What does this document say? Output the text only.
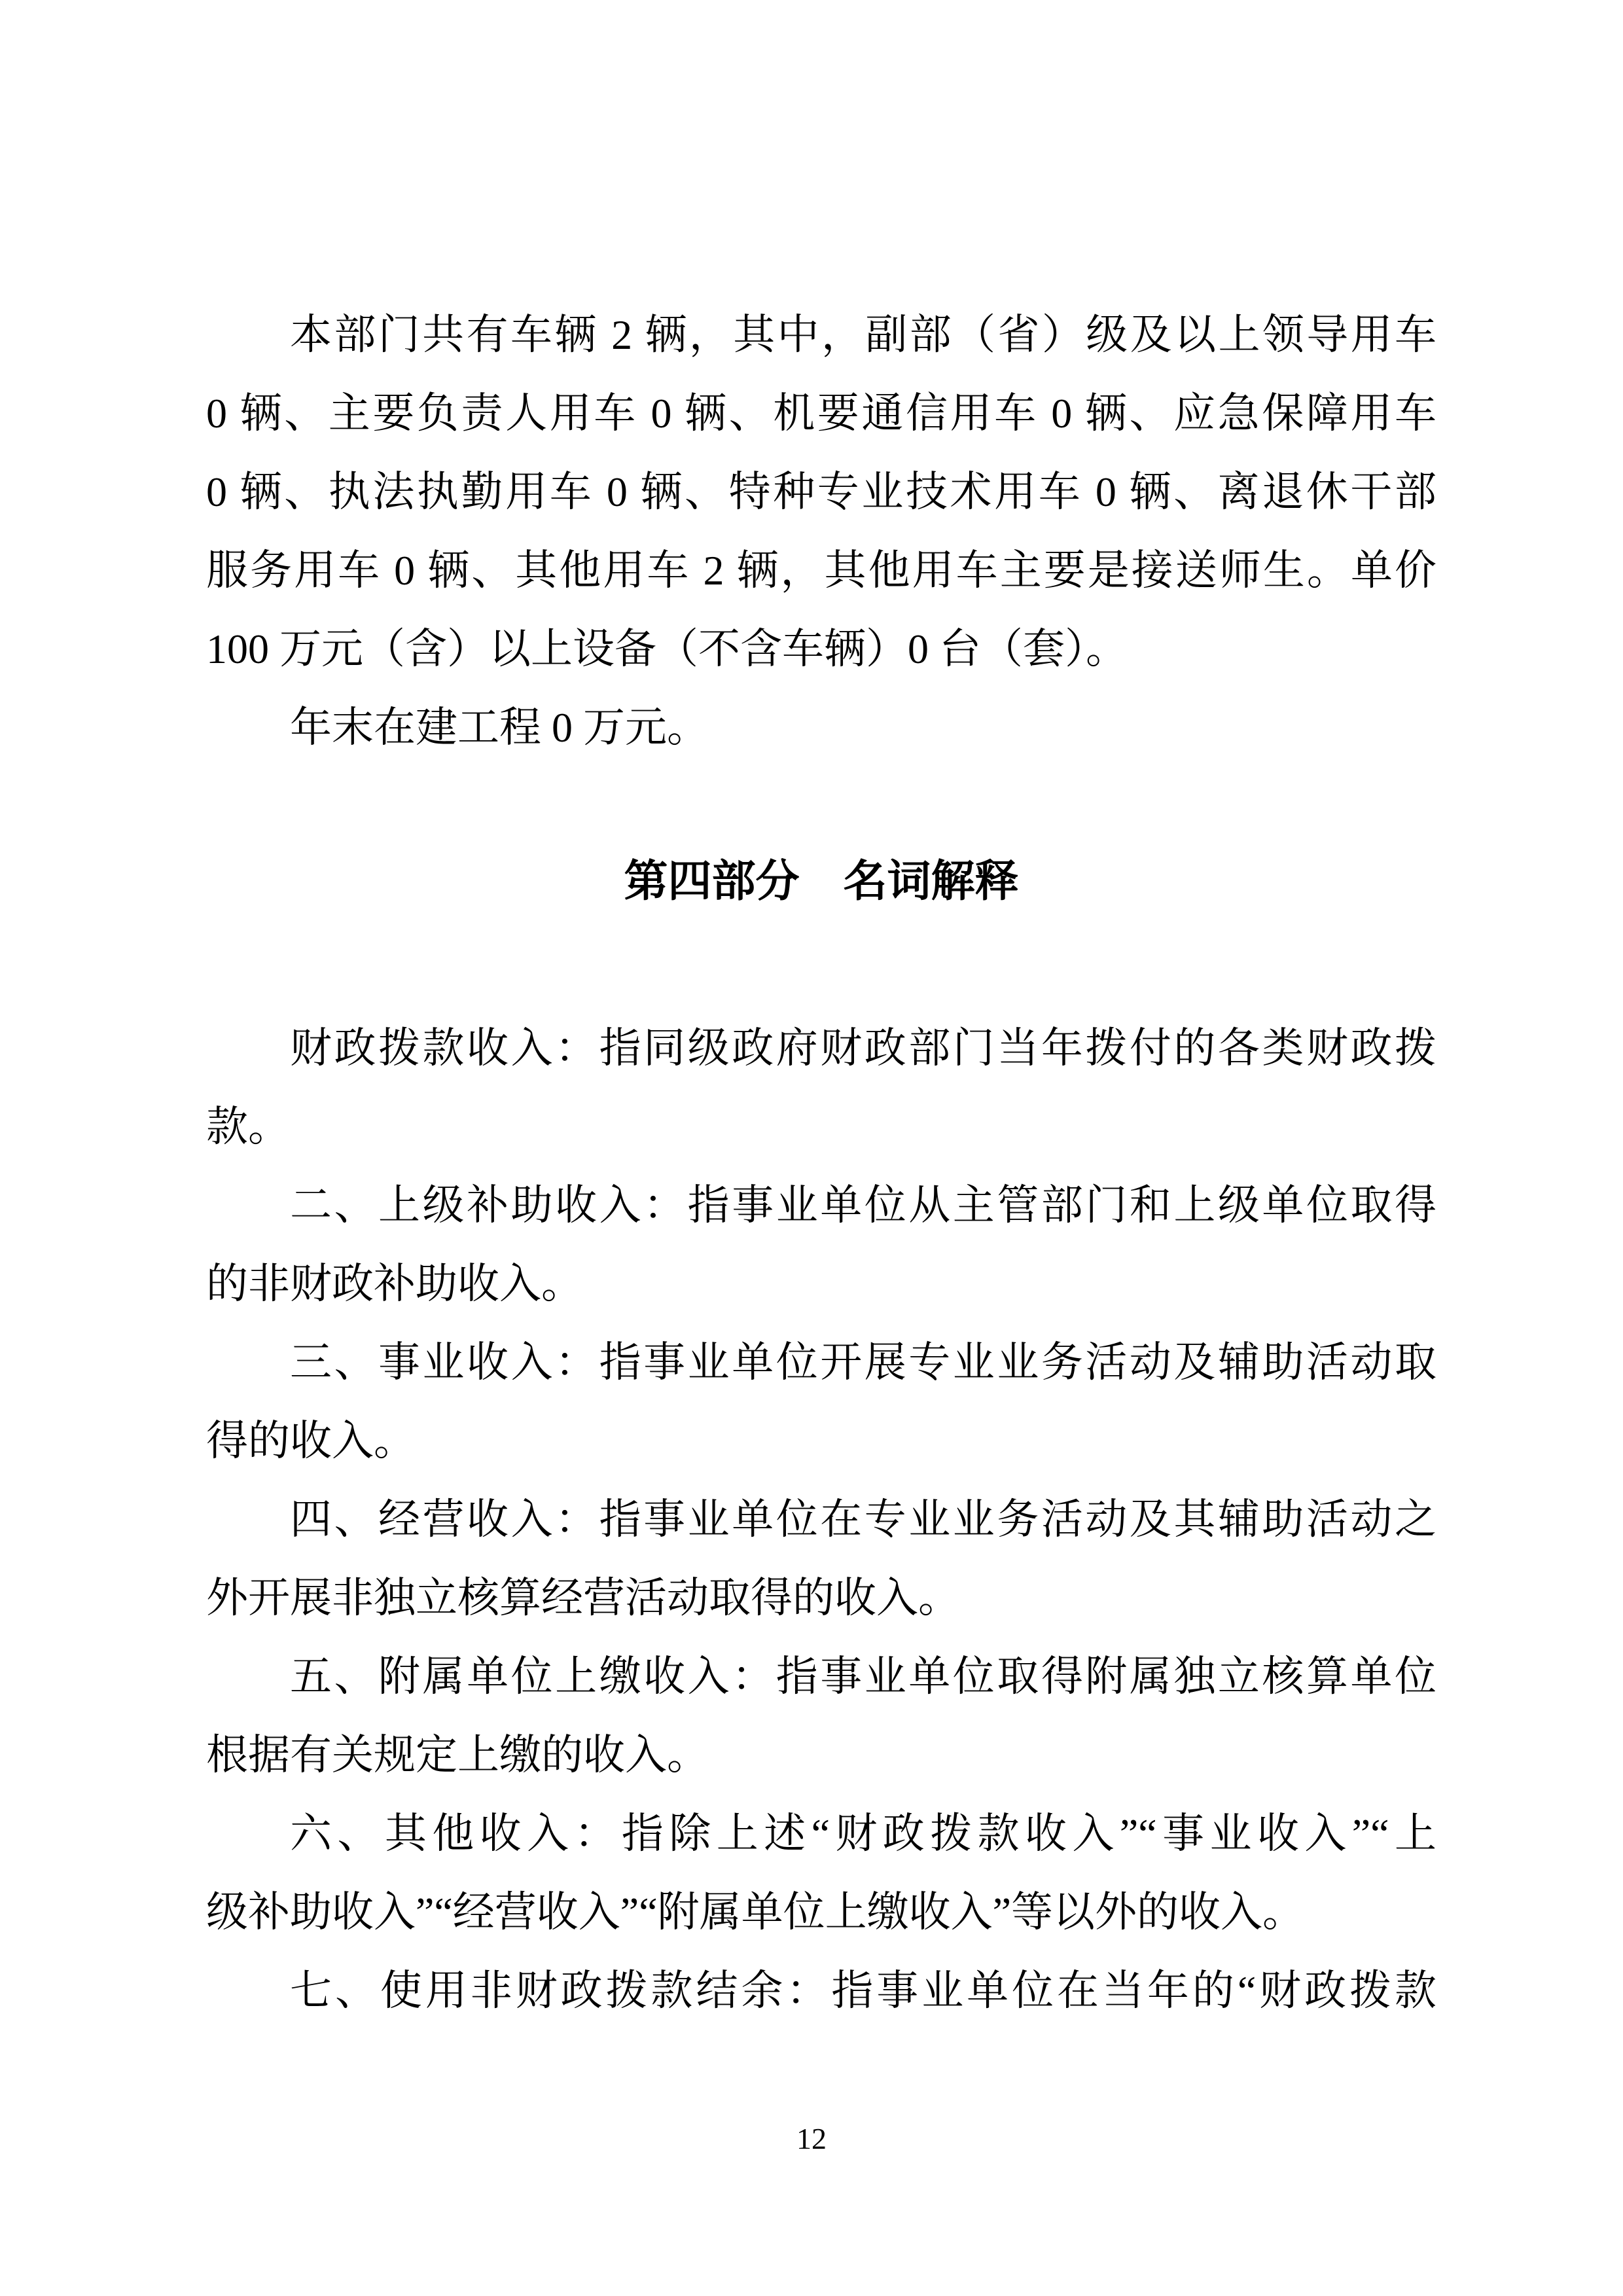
本部门共有车辆 2 辆，其中，副部（省）级及以上领导用车
0 辆、主要负责人用车 0 辆、机要通信用车 0 辆、应急保障用车
0 辆、执法执勤用车 0 辆、特种专业技术用车 0 辆、离退休干部
服务用车 0 辆、其他用车 2 辆，其他用车主要是接送师生。单价
100 万元（含）以上设备（不含车辆）0 台（套）。
年末在建工程 0 万元。
第四部分　名词解释
财政拨款收入：指同级政府财政部门当年拨付的各类财政拨
款。
二、上级补助收入：指事业单位从主管部门和上级单位取得
的非财政补助收入。
三、事业收入：指事业单位开展专业业务活动及辅助活动取
得的收入。
四、经营收入：指事业单位在专业业务活动及其辅助活动之
外开展非独立核算经营活动取得的收入。
五、附属单位上缴收入：指事业单位取得附属独立核算单位
根据有关规定上缴的收入。
六、其他收入：指除上述“财政拨款收入”“事业收入”“上
级补助收入”“经营收入”“附属单位上缴收入”等以外的收入。
七、使用非财政拨款结余：指事业单位在当年的“财政拨款
12
